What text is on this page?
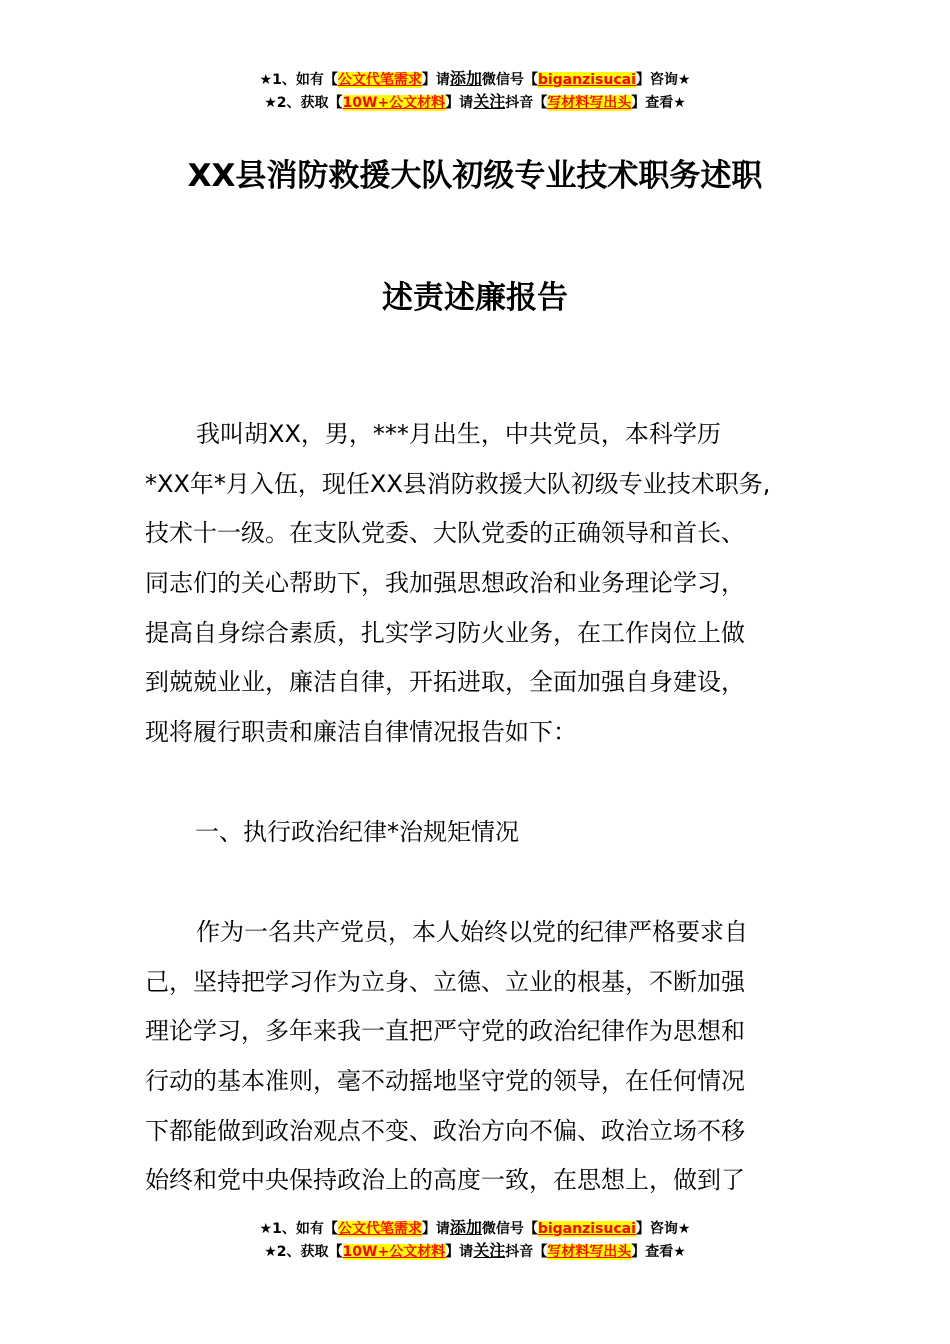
★1、如有【公文代笔需求】请添加微信号【biganzisucai】咨询★
★2、获取【10W+公文材料】请关注抖音【写材料写出头】查看★
XX县消防救援大队初级专业技术职务述职
述责述廉报告
我叫胡XX，男，***月出生，中共党员，本科学历
*XX年*月入伍，现任XX县消防救援大队初级专业技术职务,
技术十一级。在支队党委、大队党委的正确领导和首长、
同志们的关心帮助下，我加强思想政治和业务理论学习，
提高自身综合素质，扎实学习防火业务，在工作岗位上做
到兢兢业业，廉洁自律，开拓进取，全面加强自身建设，
现将履行职责和廉洁自律情况报告如下：
一、执行政治纪律*治规矩情况
作为一名共产党员，本人始终以党的纪律严格要求自
己，坚持把学习作为立身、立德、立业的根基，不断加强
理论学习，多年来我一直把严守党的政治纪律作为思想和
行动的基本准则，毫不动摇地坚守党的领导，在任何情况
下都能做到政治观点不变、政治方向不偏、政治立场不移
始终和党中央保持政治上的高度一致，在思想上，做到了
★1、如有【公文代笔需求】请添加微信号【biganzisucai】咨询★
★2、获取【10W+公文材料】请关注抖音【写材料写出头】查看★
